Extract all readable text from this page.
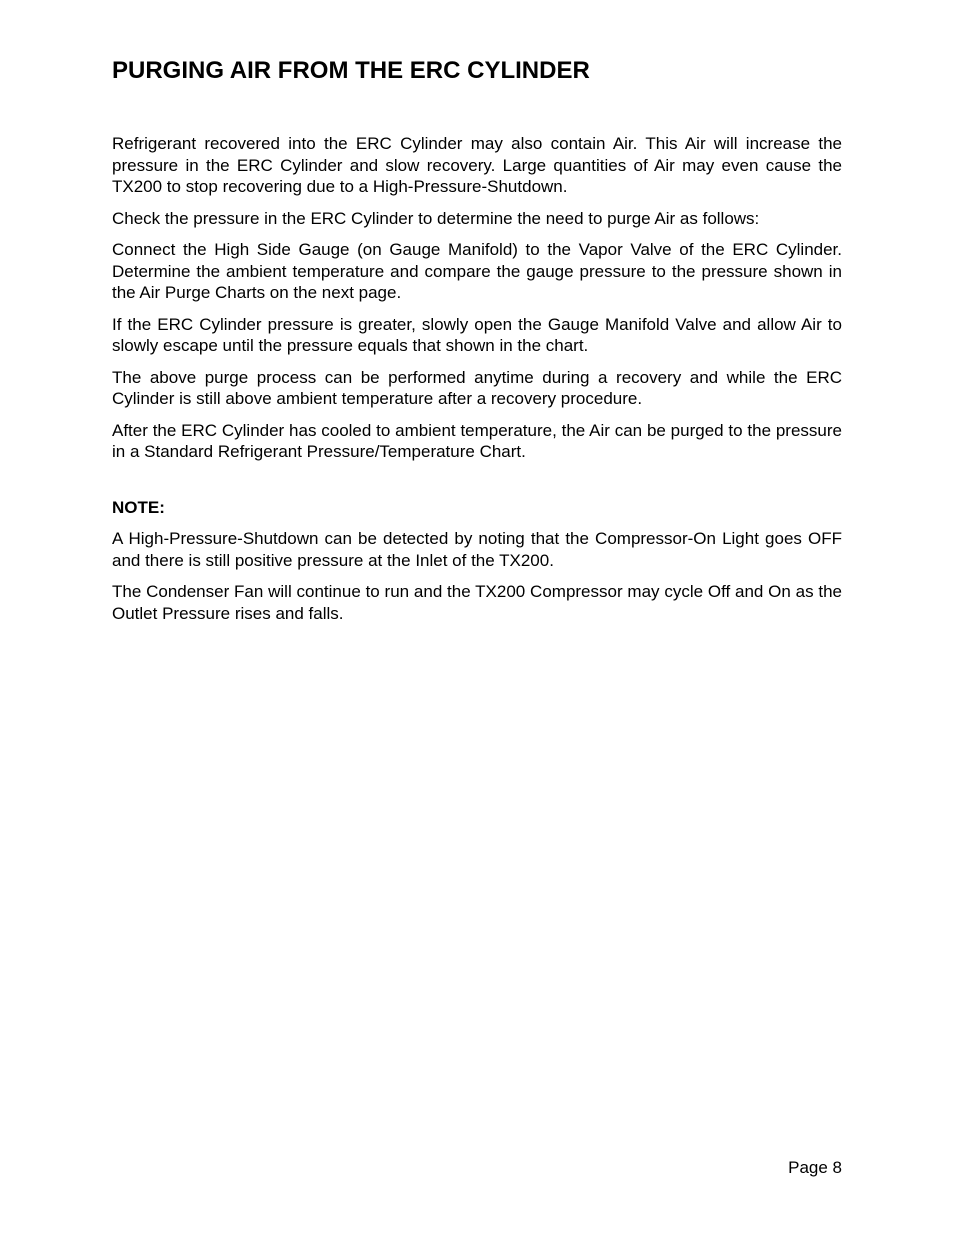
PURGING AIR FROM THE ERC CYLINDER

Refrigerant recovered into the ERC Cylinder may also contain Air. This Air will increase the pressure in the ERC Cylinder and slow recovery. Large quantities of Air may even cause the TX200 to stop recovering due to a High-Pressure-Shutdown.

Check the pressure in the ERC Cylinder to determine the need to purge Air as follows:

Connect the High Side Gauge (on Gauge Manifold) to the Vapor Valve of the ERC Cylinder. Determine the ambient temperature and compare the gauge pressure to the pressure shown in the Air Purge Charts on the next page.

If the ERC Cylinder pressure is greater, slowly open the Gauge Manifold Valve and allow Air to slowly escape until the pressure equals that shown in the chart.

The above purge process can be performed anytime during a recovery and while the ERC Cylinder is still above ambient temperature after a recovery procedure.

After the ERC Cylinder has cooled to ambient temperature, the Air can be purged to the pressure in a Standard Refrigerant Pressure/Temperature Chart.

NOTE:

A High-Pressure-Shutdown can be detected by noting that the Compressor-On Light goes OFF and there is still positive pressure at the Inlet of the TX200.

The Condenser Fan will continue to run and the TX200 Compressor may cycle Off and On as the Outlet Pressure rises and falls.

Page 8
